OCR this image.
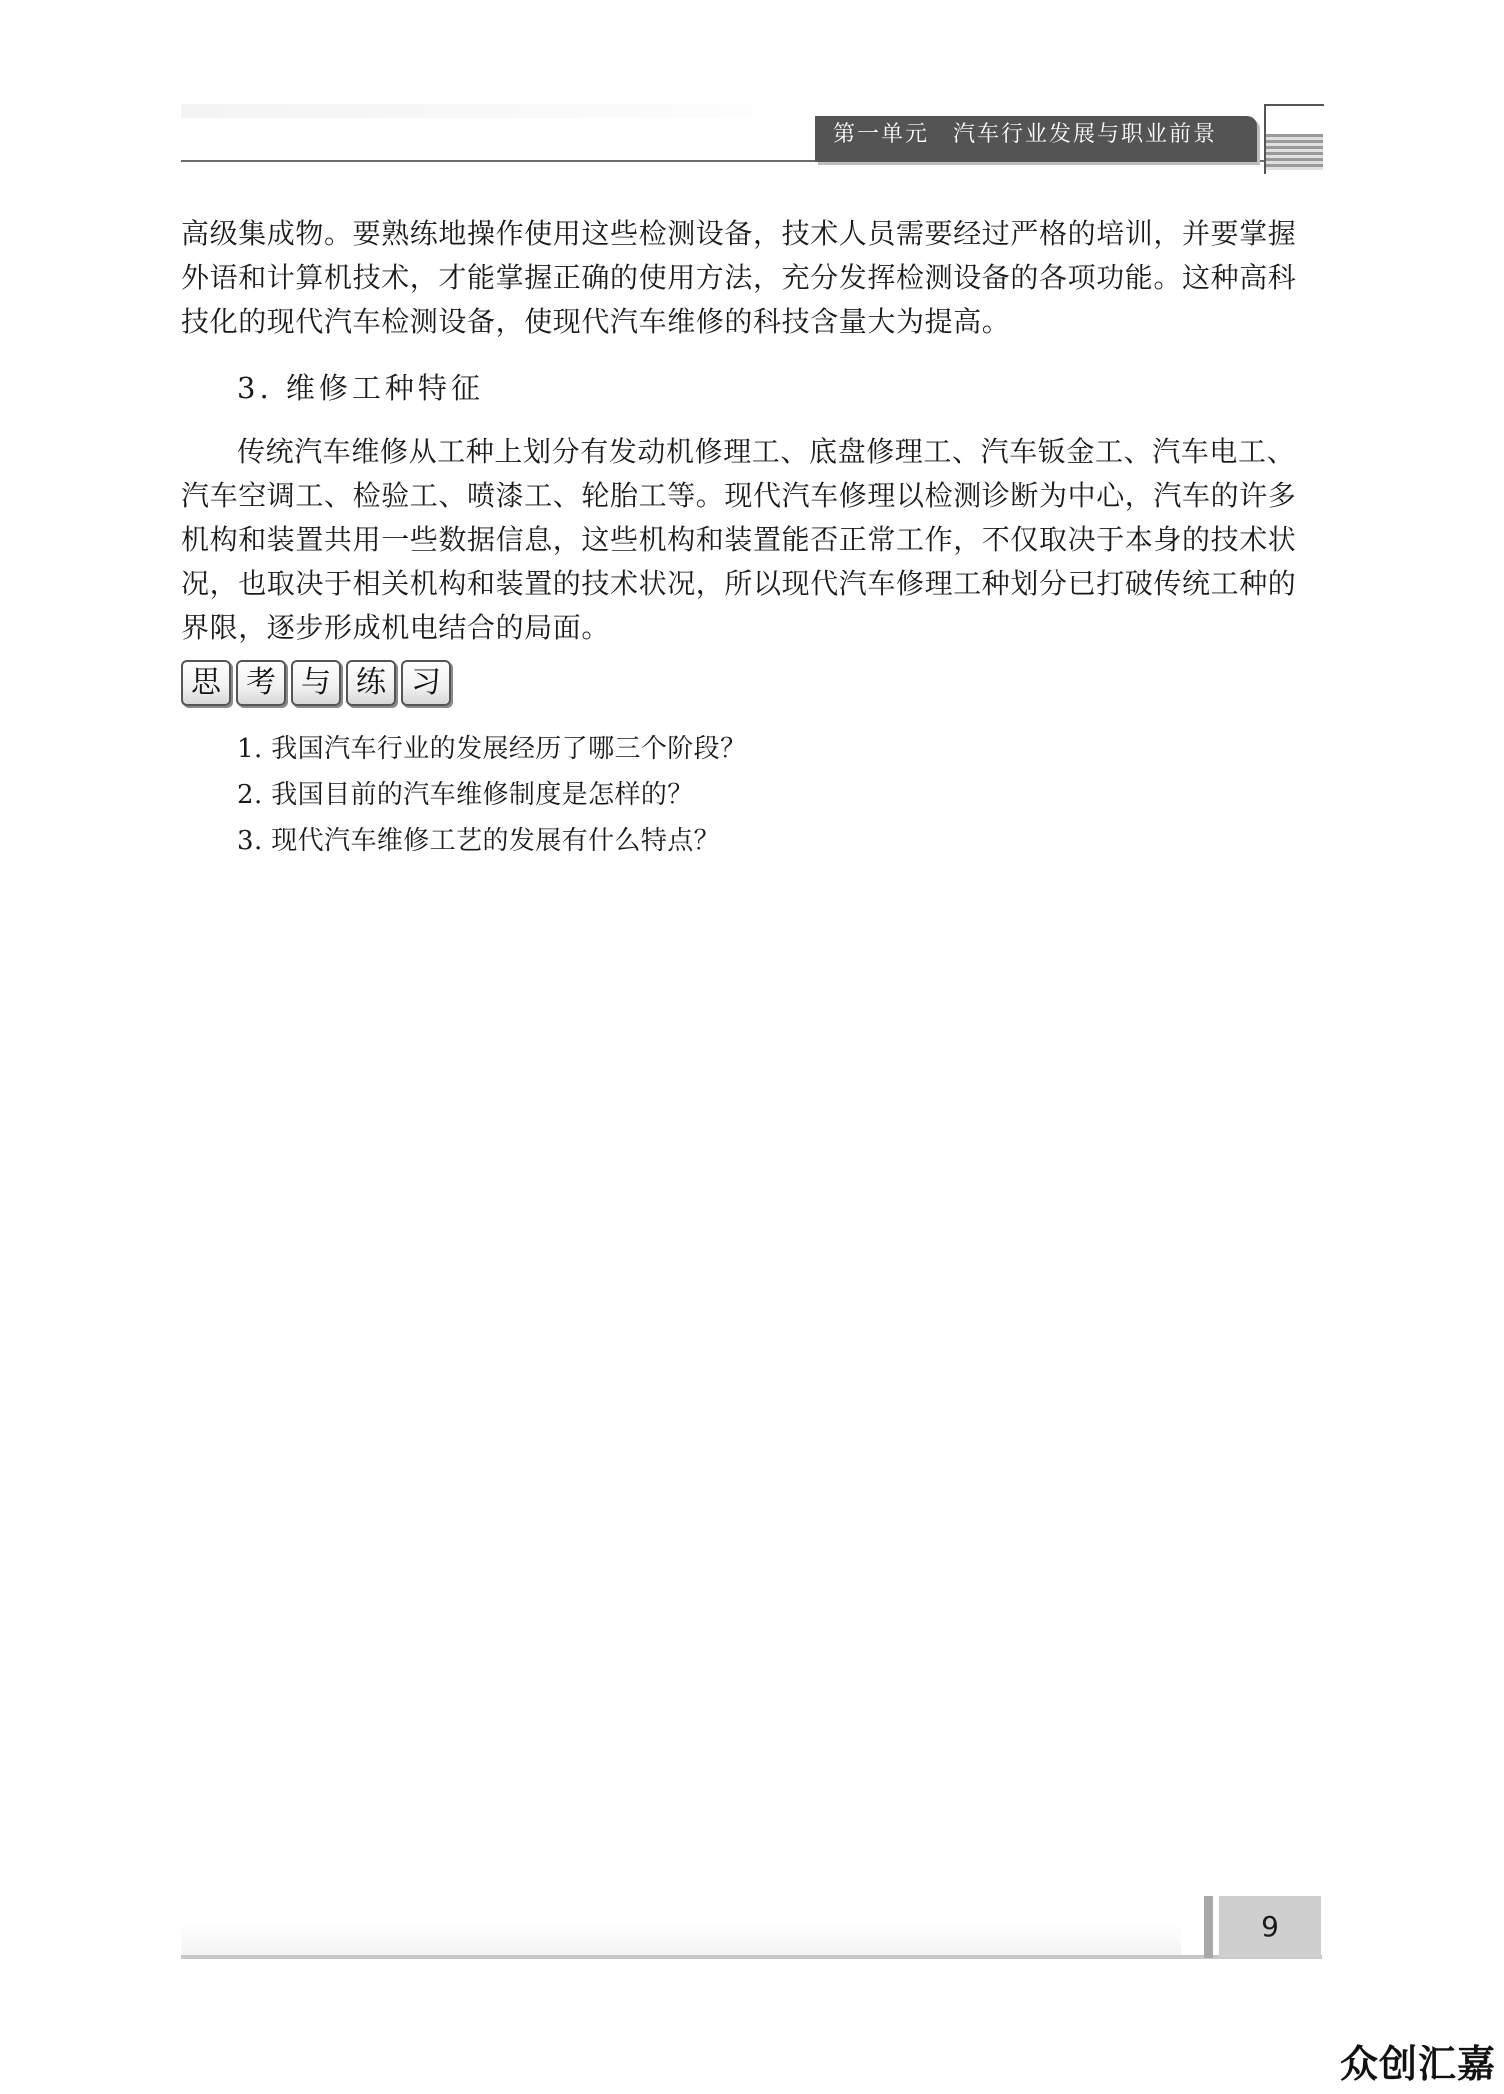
第一单元　汽车行业发展与职业前景

高级集成物。要熟练地操作使用这些检测设备，技术人员需要经过严格的培训，并要掌握外语和计算机技术，才能掌握正确的使用方法，充分发挥检测设备的各项功能。这种高科技化的现代汽车检测设备，使现代汽车维修的科技含量大为提高。

3. 维修工种特征

传统汽车维修从工种上划分有发动机修理工、底盘修理工、汽车钣金工、汽车电工、汽车空调工、检验工、喷漆工、轮胎工等。现代汽车修理以检测诊断为中心，汽车的许多机构和装置共用一些数据信息，这些机构和装置能否正常工作，不仅取决于本身的技术状况，也取决于相关机构和装置的技术状况，所以现代汽车修理工种划分已打破传统工种的界限，逐步形成机电结合的局面。

思 考 与 练 习
1. 我国汽车行业的发展经历了哪三个阶段？
2. 我国目前的汽车维修制度是怎样的？
3. 现代汽车维修工艺的发展有什么特点？
9
众创汇嘉
